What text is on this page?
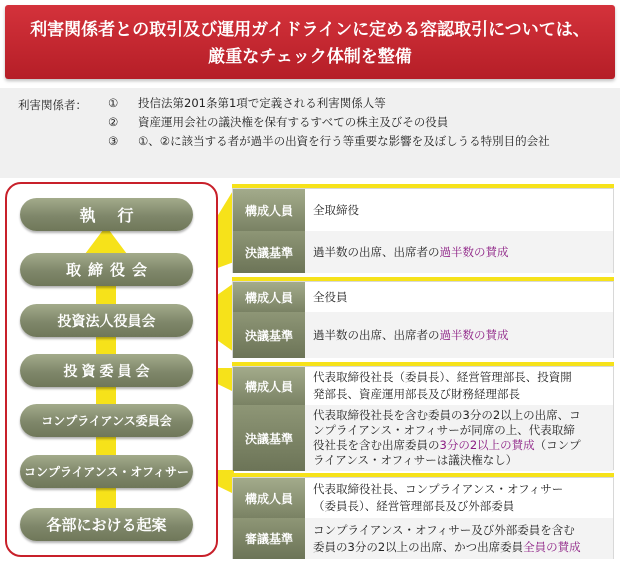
利害関係者との取引及び運用ガイドラインに定める容認取引については、
厳重なチェック体制を整備
利害関係者： ① 投信法第201条第1項で定義される利害関係人等
② 資産運用会社の議決権を保有するすべての株主及びその役員
③ ①、②に該当する者が過半の出資を行う等重要な影響を及ぼしうる特別目的会社
執行
取締役会
投資法人役員会
投資委員会
コンプライアンス委員会
コンプライアンス・オフィサー
各部における起案
構成人員	全取締役
決議基準	過半数の出席、出席者の 過半数の賛成
構成人員	全役員
決議基準	過半数の出席、出席者の 過半数の賛成
構成人員
代表取締役社長（委員長）、経営管理部長、投資開
発部長、資産運用部長及び財務経理部長
決議基準
代表取締役社長を含む委員の3分の2以上の出席、コ
ンプライアンス・オフィサーが同席の上、代表取締
役社長を含む出席委員の3分の2以上の賛成（コンプ
ライアンス・オフィサーは議決権なし）
構成人員
代表取締役社長、コンプライアンス・オフィサー
（委員長）、経営管理部長及び外部委員
審議基準
コンプライアンス・オフィサー及び外部委員を含む
委員の3分の2以上の出席、かつ出席委員全員の賛成
